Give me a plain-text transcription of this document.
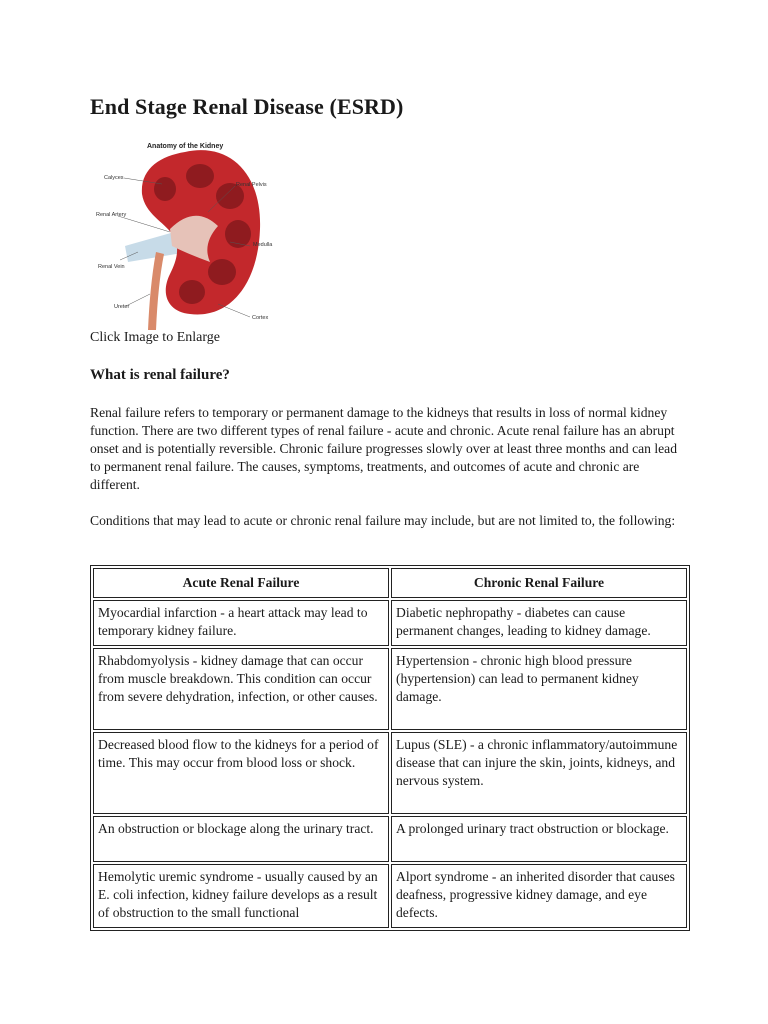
End Stage Renal Disease (ESRD)
Anatomy of the Kidney
Calyces
Renal Pelvis
Renal Artery
Renal Vein
Medulla
Ureter
Cortex
Click Image to Enlarge
What is renal failure?

Renal failure refers to temporary or permanent damage to the kidneys that results in loss of normal kidney function. There are two different types of renal failure - acute and chronic. Acute renal failure has an abrupt onset and is potentially reversible. Chronic failure progresses slowly over at least three months and can lead to permanent renal failure. The causes, symptoms, treatments, and outcomes of acute and chronic are different.

Conditions that may lead to acute or chronic renal failure may include, but are not limited to, the following:

Acute Renal Failure	Chronic Renal Failure
Myocardial infarction - a heart attack may lead to temporary kidney failure.	Diabetic nephropathy - diabetes can cause permanent changes, leading to kidney damage.
Rhabdomyolysis - kidney damage that can occur from muscle breakdown. This condition can occur from severe dehydration, infection, or other causes.	Hypertension - chronic high blood pressure (hypertension) can lead to permanent kidney damage.
Decreased blood flow to the kidneys for a period of time. This may occur from blood loss or shock.	Lupus (SLE) - a chronic inflammatory/autoimmune disease that can injure the skin, joints, kidneys, and nervous system.
An obstruction or blockage along the urinary tract.	A prolonged urinary tract obstruction or blockage.
Hemolytic uremic syndrome - usually caused by an E. coli infection, kidney failure develops as a result of obstruction to the small functional	Alport syndrome - an inherited disorder that causes deafness, progressive kidney damage, and eye defects.
